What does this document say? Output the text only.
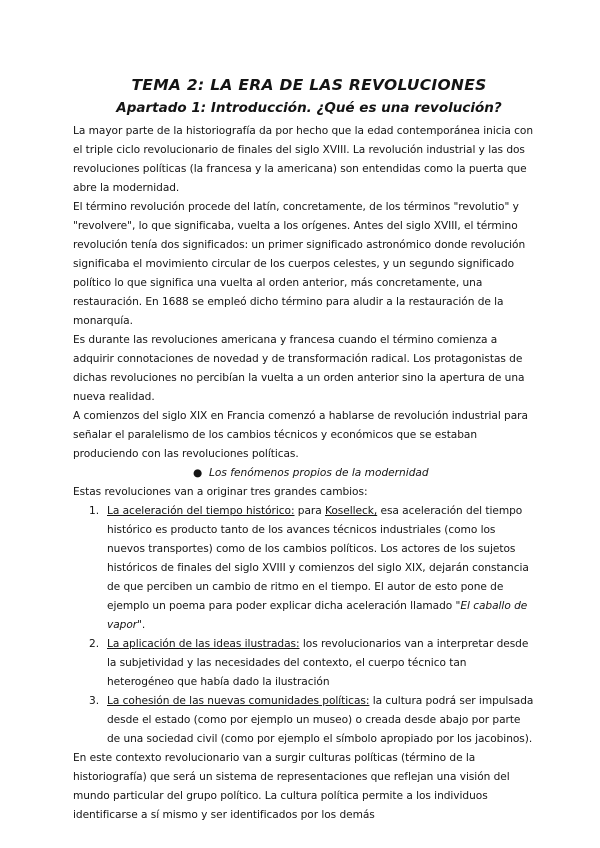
TEMA 2: LA ERA DE LAS REVOLUCIONES
Apartado 1: Introducción. ¿Qué es una revolución?

La mayor parte de la historiografía da por hecho que la edad contemporánea inicia con el triple ciclo revolucionario de finales del siglo XVIII. La revolución industrial y las dos revoluciones políticas (la francesa y la americana) son entendidas como la puerta que abre la modernidad.

El término revolución procede del latín, concretamente, de los términos "revolutio" y "revolvere", lo que significaba, vuelta a los orígenes. Antes del siglo XVIII, el término revolución tenía dos significados: un primer significado astronómico donde revolución significaba el movimiento circular de los cuerpos celestes, y un segundo significado político lo que significa una vuelta al orden anterior, más concretamente, una restauración. En 1688 se empleó dicho término para aludir a la restauración de la monarquía.

Es durante las revoluciones americana y francesa cuando el término comienza a adquirir connotaciones de novedad y de transformación radical. Los protagonistas de dichas revoluciones no percibían la vuelta a un orden anterior sino la apertura de una nueva realidad.

A comienzos del siglo XIX en Francia comenzó a hablarse de revolución industrial para señalar el paralelismo de los cambios técnicos y económicos que se estaban produciendo con las revoluciones políticas.

● Los fenómenos propios de la modernidad

Estas revoluciones van a originar tres grandes cambios:

1. La aceleración del tiempo histórico: para Koselleck, esa aceleración del tiempo histórico es producto tanto de los avances técnicos industriales (como los nuevos transportes) como de los cambios políticos. Los actores de los sujetos históricos de finales del siglo XVIII y comienzos del siglo XIX, dejarán constancia de que perciben un cambio de ritmo en el tiempo. El autor de esto pone de ejemplo un poema para poder explicar dicha aceleración llamado "El caballo de vapor".
2. La aplicación de las ideas ilustradas: los revolucionarios van a interpretar desde la subjetividad y las necesidades del contexto, el cuerpo técnico tan heterogéneo que había dado la ilustración
3. La cohesión de las nuevas comunidades políticas: la cultura podrá ser impulsada desde el estado (como por ejemplo un museo) o creada desde abajo por parte de una sociedad civil (como por ejemplo el símbolo apropiado por los jacobinos).

En este contexto revolucionario van a surgir culturas políticas (término de la historiografía) que será un sistema de representaciones que reflejan una visión del mundo particular del grupo político. La cultura política permite a los individuos identificarse a sí mismo y ser identificados por los demás
